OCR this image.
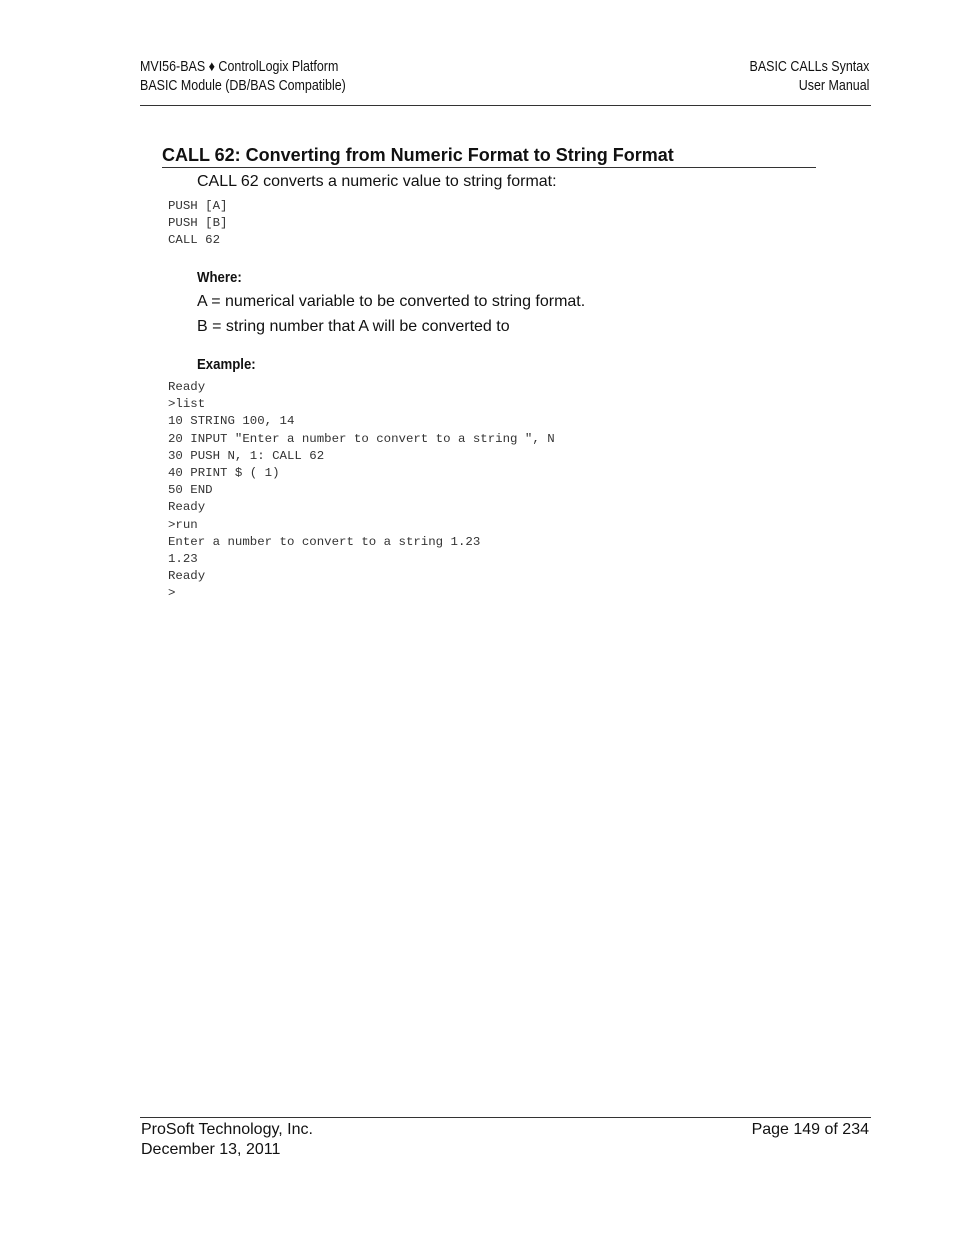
MVI56-BAS ♦ ControlLogix Platform
BASIC Module (DB/BAS Compatible)
BASIC CALLs Syntax
User Manual
CALL 62: Converting from Numeric Format to String Format
CALL 62 converts a numeric value to string format:
PUSH [A]
PUSH [B]
CALL 62
Where:
A = numerical variable to be converted to string format.
B = string number that A will be converted to
Example:
Ready
>list
10 STRING 100, 14
20 INPUT "Enter a number to convert to a string ", N
30 PUSH N, 1: CALL 62
40 PRINT $ ( 1)
50 END
Ready
>run
Enter a number to convert to a string 1.23
1.23
Ready
>
ProSoft Technology, Inc.
December 13, 2011
Page 149 of 234
